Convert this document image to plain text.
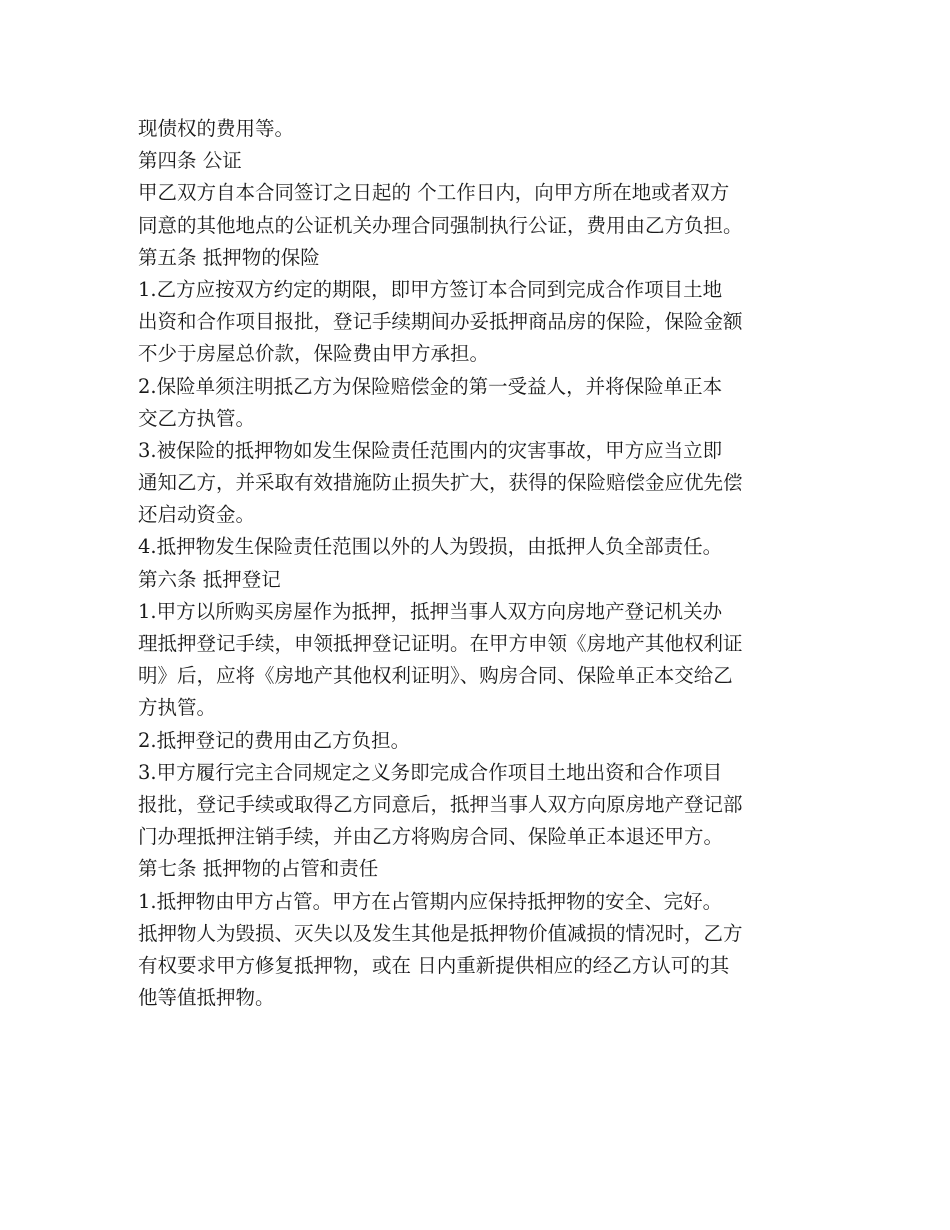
现债权的费用等。
第四条 公证
甲乙双方自本合同签订之日起的 个工作日内，向甲方所在地或者双方
同意的其他地点的公证机关办理合同强制执行公证，费用由乙方负担。
第五条 抵押物的保险
1.乙方应按双方约定的期限，即甲方签订本合同到完成合作项目土地
出资和合作项目报批，登记手续期间办妥抵押商品房的保险，保险金额
不少于房屋总价款，保险费由甲方承担。
2.保险单须注明抵乙方为保险赔偿金的第一受益人，并将保险单正本
交乙方执管。
3.被保险的抵押物如发生保险责任范围内的灾害事故，甲方应当立即
通知乙方，并采取有效措施防止损失扩大，获得的保险赔偿金应优先偿
还启动资金。
4.抵押物发生保险责任范围以外的人为毁损，由抵押人负全部责任。
第六条 抵押登记
1.甲方以所购买房屋作为抵押，抵押当事人双方向房地产登记机关办
理抵押登记手续，申领抵押登记证明。在甲方申领《房地产其他权利证
明》后，应将《房地产其他权利证明》、购房合同、保险单正本交给乙
方执管。
2.抵押登记的费用由乙方负担。
3.甲方履行完主合同规定之义务即完成合作项目土地出资和合作项目
报批，登记手续或取得乙方同意后，抵押当事人双方向原房地产登记部
门办理抵押注销手续，并由乙方将购房合同、保险单正本退还甲方。
第七条 抵押物的占管和责任
1.抵押物由甲方占管。甲方在占管期内应保持抵押物的安全、完好。
抵押物人为毁损、灭失以及发生其他是抵押物价值减损的情况时，乙方
有权要求甲方修复抵押物，或在 日内重新提供相应的经乙方认可的其
他等值抵押物。
